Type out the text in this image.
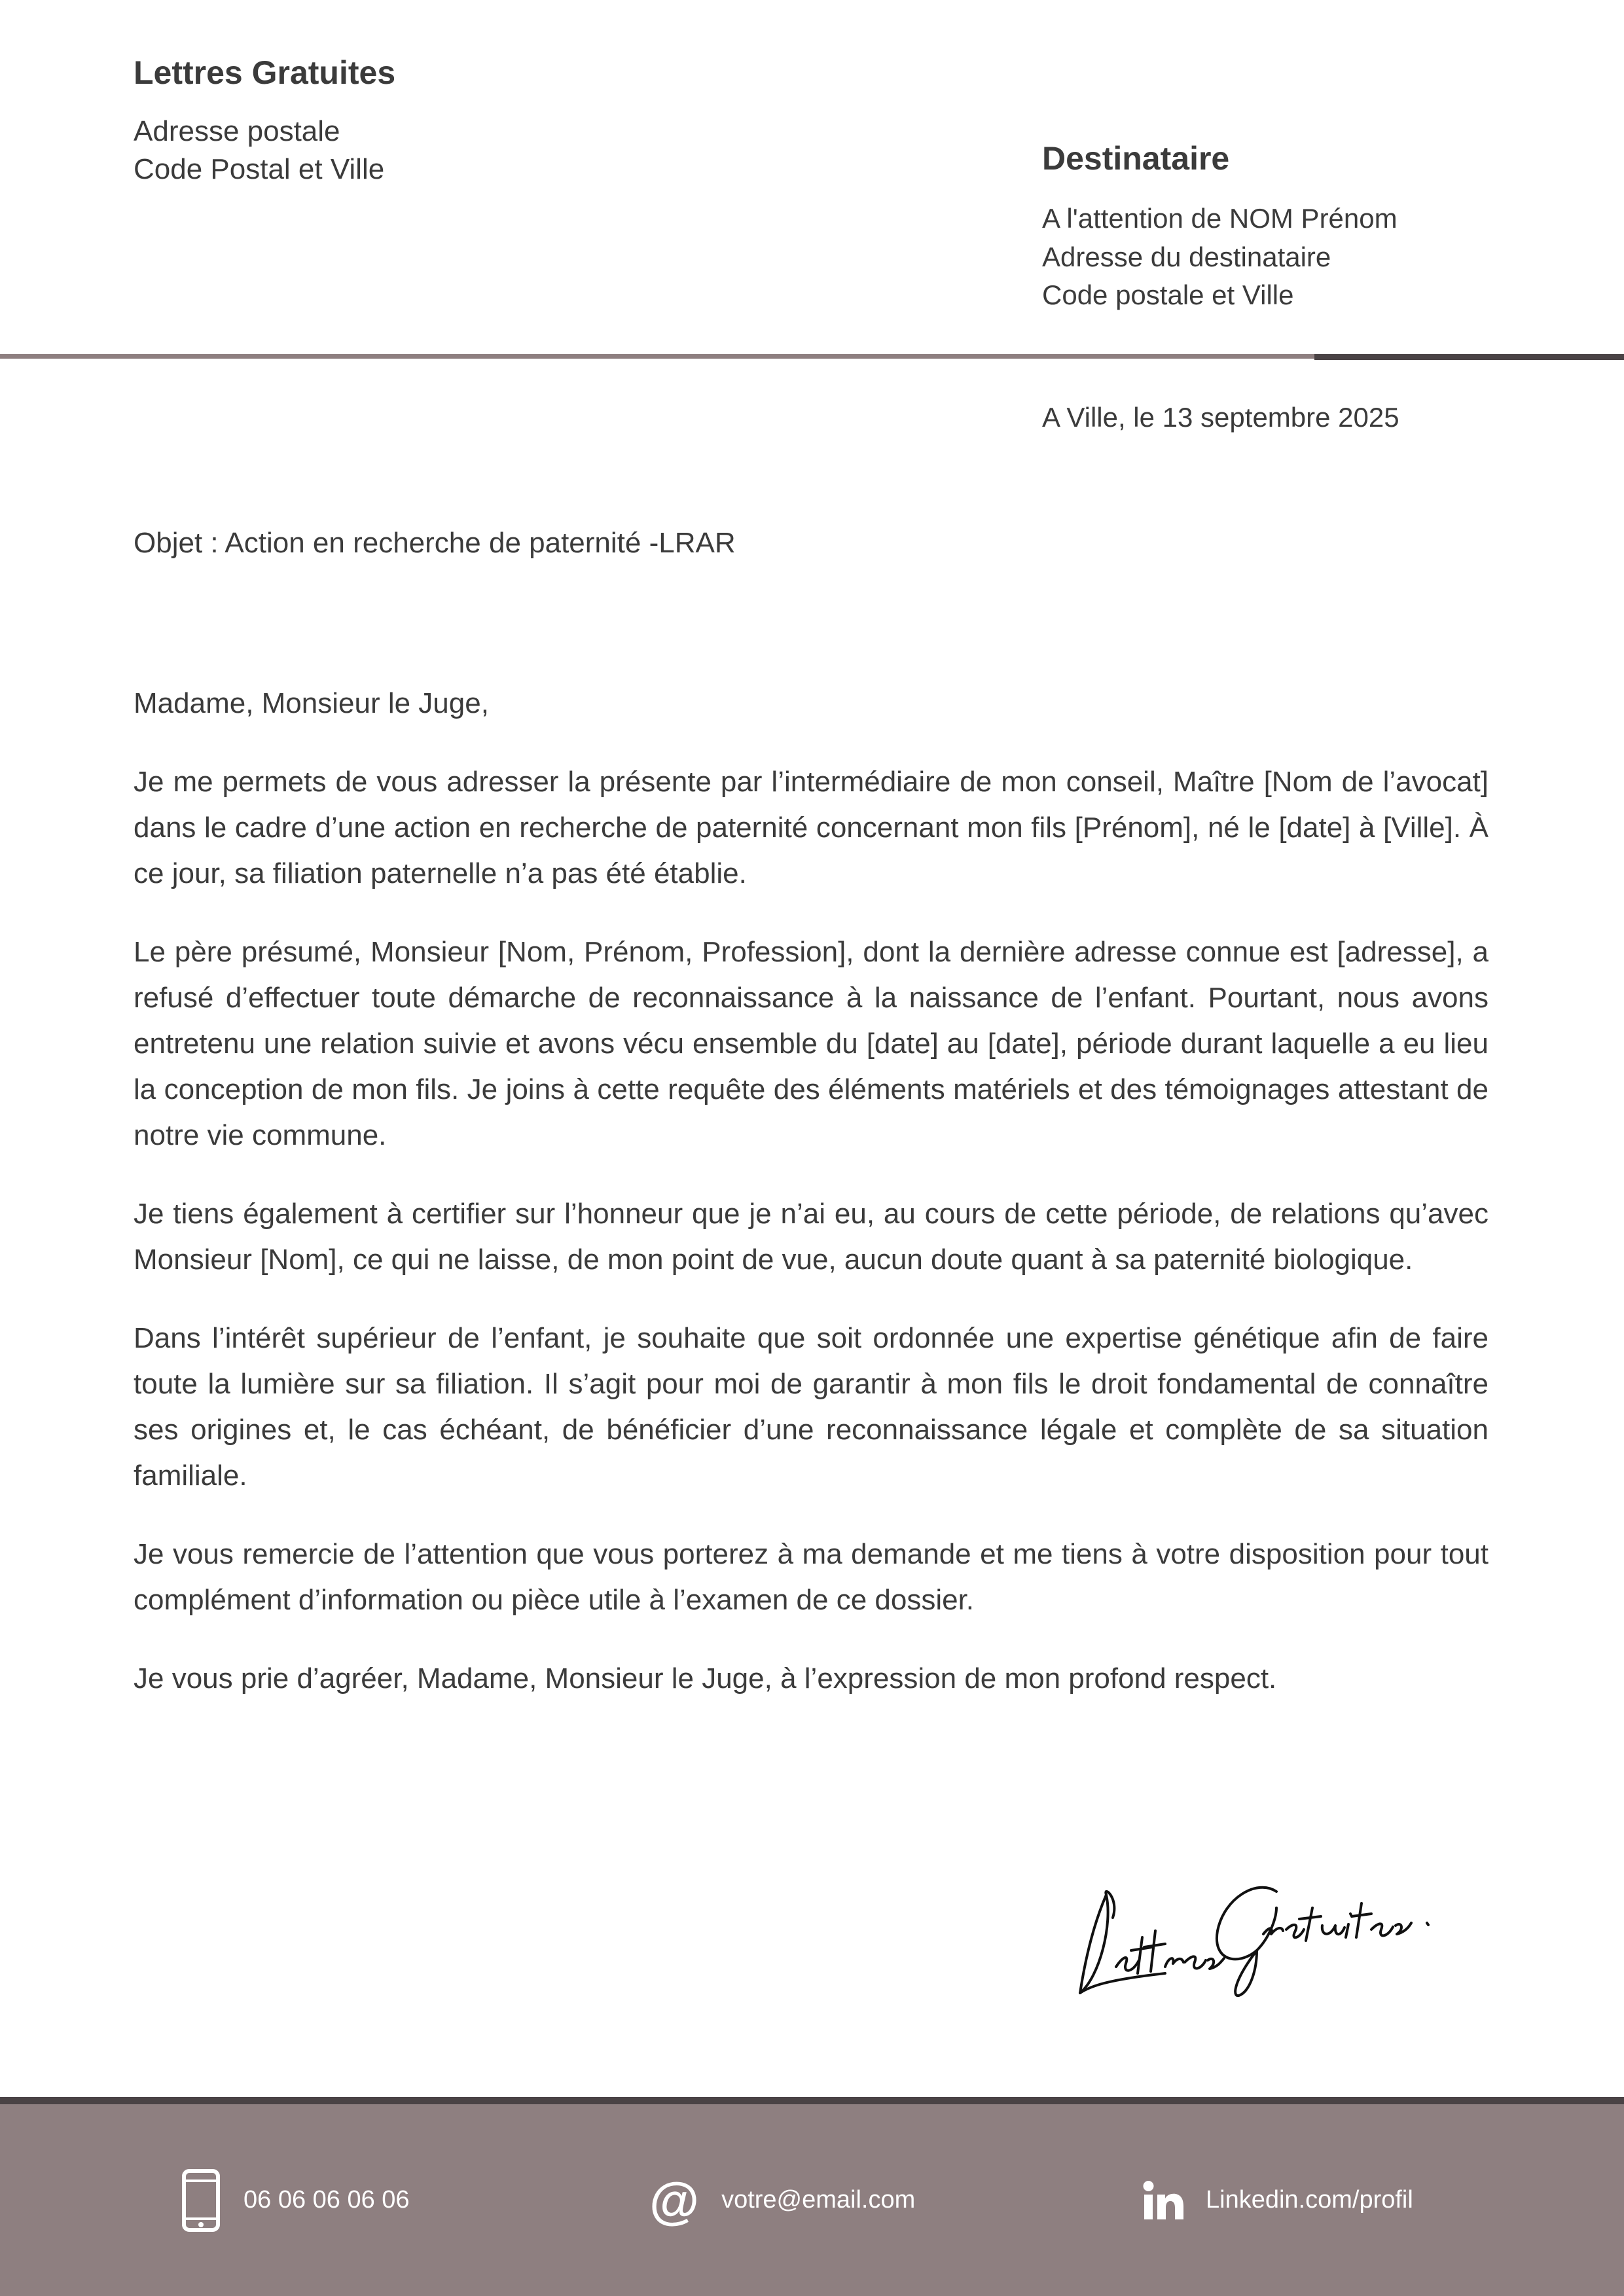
Lettres Gratuites
Adresse postale
Code Postal et Ville	Destinataire
A l'attention de NOM Prénom
Adresse du destinataire
Code postale et Ville
A Ville, le 13 septembre 2025
Objet : Action en recherche de paternité -LRAR

Madame, Monsieur le Juge,

Je me permets de vous adresser la présente par l’intermédiaire de mon conseil, Maître [Nom de l’avocat] dans le cadre d’une action en recherche de paternité concernant mon fils [Prénom], né le [date] à [Ville]. À ce jour, sa filiation paternelle n’a pas été établie.

Le père présumé, Monsieur [Nom, Prénom, Profession], dont la dernière adresse connue est [adresse], a refusé d’effectuer toute démarche de reconnaissance à la naissance de l’enfant. Pourtant, nous avons entretenu une relation suivie et avons vécu ensemble du [date] au [date], période durant laquelle a eu lieu la conception de mon fils. Je joins à cette requête des éléments matériels et des témoignages attestant de notre vie commune.

Je tiens également à certifier sur l’honneur que je n’ai eu, au cours de cette période, de relations qu’avec Monsieur [Nom], ce qui ne laisse, de mon point de vue, aucun doute quant à sa paternité biologique.

Dans l’intérêt supérieur de l’enfant, je souhaite que soit ordonnée une expertise génétique afin de faire toute la lumière sur sa filiation. Il s’agit pour moi de garantir à mon fils le droit fondamental de connaître ses origines et, le cas échéant, de bénéficier d’une reconnaissance légale et complète de sa situation familiale.

Je vous remercie de l’attention que vous porterez à ma demande et me tiens à votre disposition pour tout complément d’information ou pièce utile à l’examen de ce dossier.

Je vous prie d’agréer, Madame, Monsieur le Juge, à l’expression de mon profond respect.

06 06 06 06 06	@ votre@email.com	Linkedin.com/profil
